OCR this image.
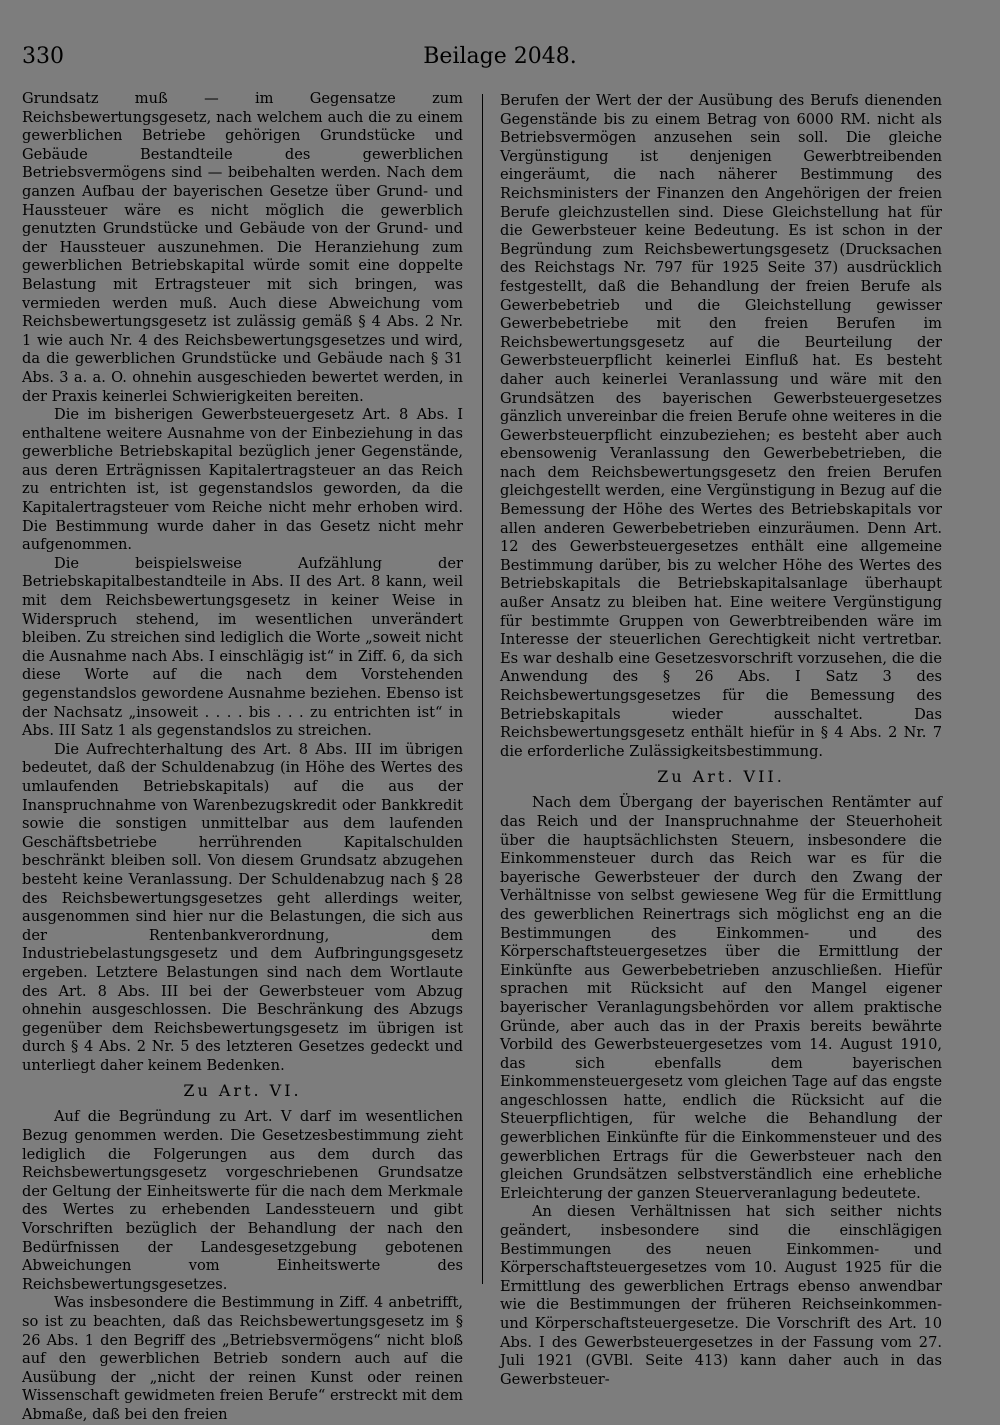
330	Beilage 2048.

Grundsatz muß — im Gegensatze zum Reichsbewertungsgesetz, nach welchem auch die zu einem gewerblichen Betriebe gehörigen Grundstücke und Gebäude Bestandteile des gewerblichen Betriebsvermögens sind — beibehalten werden. Nach dem ganzen Aufbau der bayerischen Gesetze über Grund- und Haussteuer wäre es nicht möglich die gewerblich genutzten Grundstücke und Gebäude von der Grund- und der Haussteuer auszunehmen. Die Heranziehung zum gewerblichen Betriebskapital würde somit eine doppelte Belastung mit Ertragsteuer mit sich bringen, was vermieden werden muß. Auch diese Abweichung vom Reichsbewertungsgesetz ist zulässig gemäß § 4 Abs. 2 Nr. 1 wie auch Nr. 4 des Reichsbewertungsgesetzes und wird, da die gewerblichen Grundstücke und Gebäude nach § 31 Abs. 3 a. a. O. ohnehin ausgeschieden bewertet werden, in der Praxis keinerlei Schwierigkeiten bereiten.

Die im bisherigen Gewerbsteuergesetz Art. 8 Abs. I enthaltene weitere Ausnahme von der Einbeziehung in das gewerbliche Betriebskapital bezüglich jener Gegenstände, aus deren Erträgnissen Kapitalertragsteuer an das Reich zu entrichten ist, ist gegenstandslos geworden, da die Kapitalertragsteuer vom Reiche nicht mehr erhoben wird. Die Bestimmung wurde daher in das Gesetz nicht mehr aufgenommen.

Die beispielsweise Aufzählung der Betriebskapitalbestandteile in Abs. II des Art. 8 kann, weil mit dem Reichsbewertungsgesetz in keiner Weise in Widerspruch stehend, im wesentlichen unverändert bleiben. Zu streichen sind lediglich die Worte „soweit nicht die Ausnahme nach Abs. I einschlägig ist“ in Ziff. 6, da sich diese Worte auf die nach dem Vorstehenden gegenstandslos gewordene Ausnahme beziehen. Ebenso ist der Nachsatz „insoweit . . . . bis . . . zu entrichten ist“ in Abs. III Satz 1 als gegenstandslos zu streichen.

Die Aufrechterhaltung des Art. 8 Abs. III im übrigen bedeutet, daß der Schuldenabzug (in Höhe des Wertes des umlaufenden Betriebskapitals) auf die aus der Inanspruchnahme von Warenbezugskredit oder Bankkredit sowie die sonstigen unmittelbar aus dem laufenden Geschäftsbetriebe herrührenden Kapitalschulden beschränkt bleiben soll. Von diesem Grundsatz abzugehen besteht keine Veranlassung. Der Schuldenabzug nach § 28 des Reichsbewertungsgesetzes geht allerdings weiter, ausgenommen sind hier nur die Belastungen, die sich aus der Rentenbankverordnung, dem Industriebelastungsgesetz und dem Aufbringungsgesetz ergeben. Letztere Belastungen sind nach dem Wortlaute des Art. 8 Abs. III bei der Gewerbsteuer vom Abzug ohnehin ausgeschlossen. Die Beschränkung des Abzugs gegenüber dem Reichsbewertungsgesetz im übrigen ist durch § 4 Abs. 2 Nr. 5 des letzteren Gesetzes gedeckt und unterliegt daher keinem Bedenken.

Zu Art. VI.

Auf die Begründung zu Art. V darf im wesentlichen Bezug genommen werden. Die Gesetzesbestimmung zieht lediglich die Folgerungen aus dem durch das Reichsbewertungsgesetz vorgeschriebenen Grundsatze der Geltung der Einheitswerte für die nach dem Merkmale des Wertes zu erhebenden Landessteuern und gibt Vorschriften bezüglich der Behandlung der nach den Bedürfnissen der Landesgesetzgebung gebotenen Abweichungen vom Einheitswerte des Reichsbewertungsgesetzes.

Was insbesondere die Bestimmung in Ziff. 4 anbetrifft, so ist zu beachten, daß das Reichsbewertungsgesetz im § 26 Abs. 1 den Begriff des „Betriebsvermögens“ nicht bloß auf den gewerblichen Betrieb sondern auch auf die Ausübung der „nicht der reinen Kunst oder reinen Wissenschaft gewidmeten freien Berufe“ erstreckt mit dem Abmaße, daß bei den freien

Berufen der Wert der der Ausübung des Berufs dienenden Gegenstände bis zu einem Betrag von 6000 RM. nicht als Betriebsvermögen anzusehen sein soll. Die gleiche Vergünstigung ist denjenigen Gewerbtreibenden eingeräumt, die nach näherer Bestimmung des Reichsministers der Finanzen den Angehörigen der freien Berufe gleichzustellen sind. Diese Gleichstellung hat für die Gewerbsteuer keine Bedeutung. Es ist schon in der Begründung zum Reichsbewertungsgesetz (Drucksachen des Reichstags Nr. 797 für 1925 Seite 37) ausdrücklich festgestellt, daß die Behandlung der freien Berufe als Gewerbebetrieb und die Gleichstellung gewisser Gewerbebetriebe mit den freien Berufen im Reichsbewertungsgesetz auf die Beurteilung der Gewerbsteuerpflicht keinerlei Einfluß hat. Es besteht daher auch keinerlei Veranlassung und wäre mit den Grundsätzen des bayerischen Gewerbsteuergesetzes gänzlich unvereinbar die freien Berufe ohne weiteres in die Gewerbsteuerpflicht einzubeziehen; es besteht aber auch ebensowenig Veranlassung den Gewerbebetrieben, die nach dem Reichsbewertungsgesetz den freien Berufen gleichgestellt werden, eine Vergünstigung in Bezug auf die Bemessung der Höhe des Wertes des Betriebskapitals vor allen anderen Gewerbebetrieben einzuräumen. Denn Art. 12 des Gewerbsteuergesetzes enthält eine allgemeine Bestimmung darüber, bis zu welcher Höhe des Wertes des Betriebskapitals die Betriebskapitalsanlage überhaupt außer Ansatz zu bleiben hat. Eine weitere Vergünstigung für bestimmte Gruppen von Gewerbtreibenden wäre im Interesse der steuerlichen Gerechtigkeit nicht vertretbar. Es war deshalb eine Gesetzesvorschrift vorzusehen, die die Anwendung des § 26 Abs. I Satz 3 des Reichsbewertungsgesetzes für die Bemessung des Betriebskapitals wieder ausschaltet. Das Reichsbewertungsgesetz enthält hiefür in § 4 Abs. 2 Nr. 7 die erforderliche Zulässigkeitsbestimmung.

Zu Art. VII.

Nach dem Übergang der bayerischen Rentämter auf das Reich und der Inanspruchnahme der Steuerhoheit über die hauptsächlichsten Steuern, insbesondere die Einkommensteuer durch das Reich war es für die bayerische Gewerbsteuer der durch den Zwang der Verhältnisse von selbst gewiesene Weg für die Ermittlung des gewerblichen Reinertrags sich möglichst eng an die Bestimmungen des Einkommen- und des Körperschaftsteuergesetzes über die Ermittlung der Einkünfte aus Gewerbebetrieben anzuschließen. Hiefür sprachen mit Rücksicht auf den Mangel eigener bayerischer Veranlagungsbehörden vor allem praktische Gründe, aber auch das in der Praxis bereits bewährte Vorbild des Gewerbsteuergesetzes vom 14. August 1910, das sich ebenfalls dem bayerischen Einkommensteuergesetz vom gleichen Tage auf das engste angeschlossen hatte, endlich die Rücksicht auf die Steuerpflichtigen, für welche die Behandlung der gewerblichen Einkünfte für die Einkommensteuer und des gewerblichen Ertrags für die Gewerbsteuer nach den gleichen Grundsätzen selbstverständlich eine erhebliche Erleichterung der ganzen Steuerveranlagung bedeutete.

An diesen Verhältnissen hat sich seither nichts geändert, insbesondere sind die einschlägigen Bestimmungen des neuen Einkommen- und Körperschaftsteuergesetzes vom 10. August 1925 für die Ermittlung des gewerblichen Ertrags ebenso anwendbar wie die Bestimmungen der früheren Reichseinkommen- und Körperschaftsteuergesetze. Die Vorschrift des Art. 10 Abs. I des Gewerbsteuergesetzes in der Fassung vom 27. Juli 1921 (GVBl. Seite 413) kann daher auch in das Gewerbsteuer-
